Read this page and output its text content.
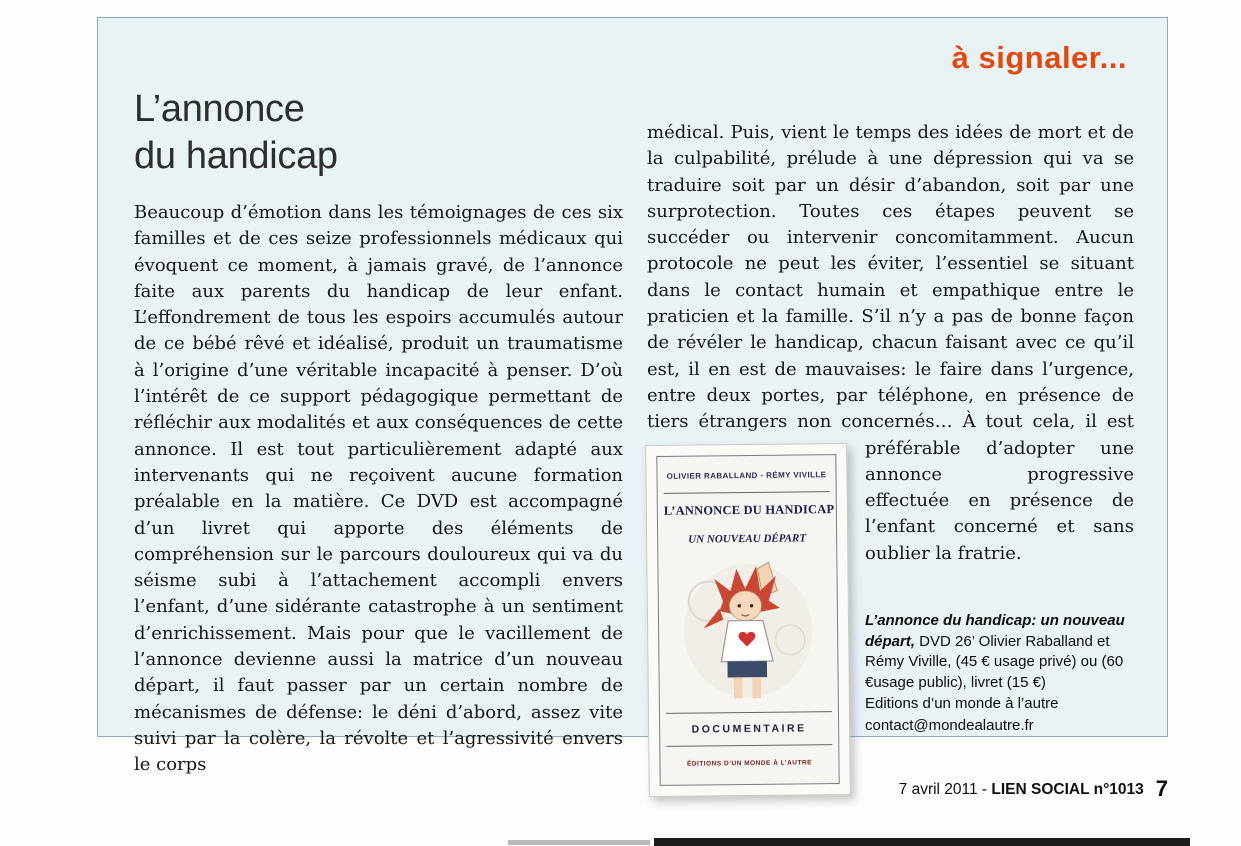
à signaler...
L’annonce
du handicap

Beaucoup d’émotion dans les témoignages de ces six familles et de ces seize professionnels médicaux qui évoquent ce moment, à jamais gravé, de l’annonce faite aux parents du handicap de leur enfant. L’effondrement de tous les espoirs accumulés autour de ce bébé rêvé et idéalisé, produit un traumatisme à l’origine d’une véritable incapacité à penser. D’où l’intérêt de ce support pédagogique permettant de réfléchir aux modalités et aux conséquences de cette annonce. Il est tout particulièrement adapté aux intervenants qui ne reçoivent aucune formation préalable en la matière. Ce DVD est accompagné d’un livret qui apporte des éléments de compréhension sur le parcours douloureux qui va du séisme subi à l’attachement accompli envers l’enfant, d’une sidérante catastrophe à un sentiment d’enrichissement. Mais pour que le vacillement de l’annonce devienne aussi la matrice d’un nouveau départ, il faut passer par un certain nombre de mécanismes de défense: le déni d’abord, assez vite suivi par la colère, la révolte et l’agressivité envers le corps

médical. Puis, vient le temps des idées de mort et de la culpabilité, prélude à une dépression qui va se traduire soit par un désir d’abandon, soit par une surprotection. Toutes ces étapes peuvent se succéder ou intervenir concomitamment. Aucun protocole ne peut les éviter, l’essentiel se situant dans le contact humain et empathique entre le praticien et la famille. S’il n’y a pas de bonne façon de révéler le handicap, chacun faisant avec ce qu’il est, il en est de mauvaises: le faire dans l’urgence, entre deux portes, par téléphone, en présence de tiers étrangers non concernés… À tout
OLIVIER RABALLAND - RÉMY VIVILLE
L’ANNONCE DU HANDICAP
UN NOUVEAU DÉPART
DOCUMENTAIRE
ÉDITIONS D’UN MONDE À L’AUTRE
cela, il est préférable d’adopter une annonce progressive effectuée en présence de l’enfant concerné et sans oublier la fratrie.

L’annonce du handicap: un nouveau départ, DVD 26’ Olivier Raballand et Rémy Viville, (45 € usage privé) ou (60 €usage public), livret (15 €)
Editions d’un monde à l’autre
contact@mondealautre.fr
7 avril 2011 - LIEN SOCIAL n°1013 7
